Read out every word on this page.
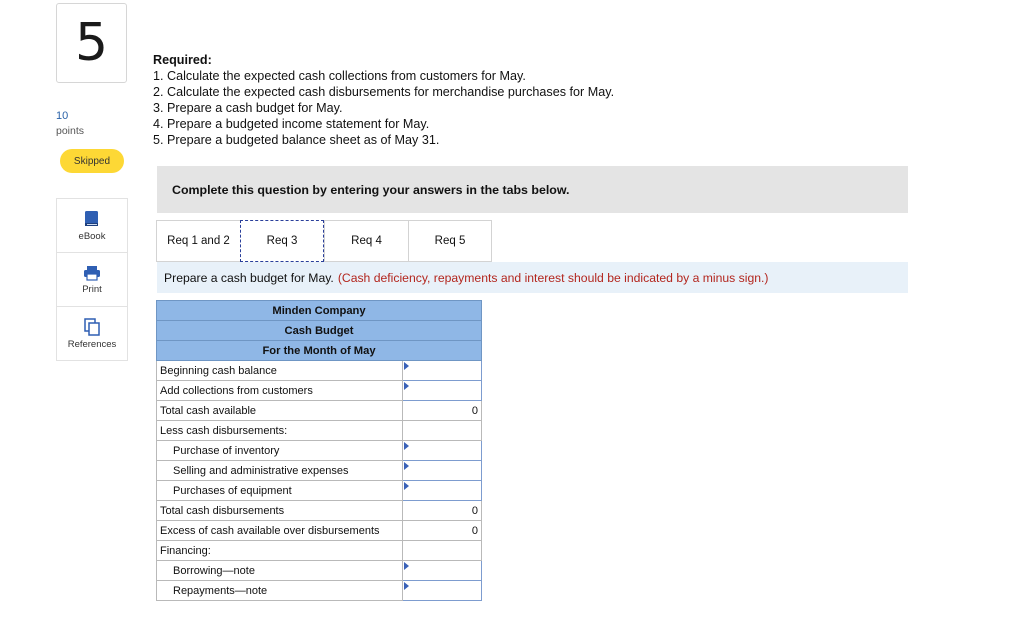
5
10
points
Skipped
eBook
Print
References
Required:
1. Calculate the expected cash collections from customers for May.
2. Calculate the expected cash disbursements for merchandise purchases for May.
3. Prepare a cash budget for May.
4. Prepare a budgeted income statement for May.
5. Prepare a budgeted balance sheet as of May 31.
Complete this question by entering your answers in the tabs below.
Req 1 and 2	Req 3	Req 4	Req 5
Prepare a cash budget for May. (Cash deficiency, repayments and interest should be indicated by a minus sign.)
Minden Company	
Cash Budget	
For the Month of May	
Beginning cash balance	
Add collections from customers	
Total cash available	0
Less cash disbursements:	
Purchase of inventory	
Selling and administrative expenses	
Purchases of equipment	
Total cash disbursements	0
Excess of cash available over disbursements	0
Financing:	
Borrowing—note	
Repayments—note	
